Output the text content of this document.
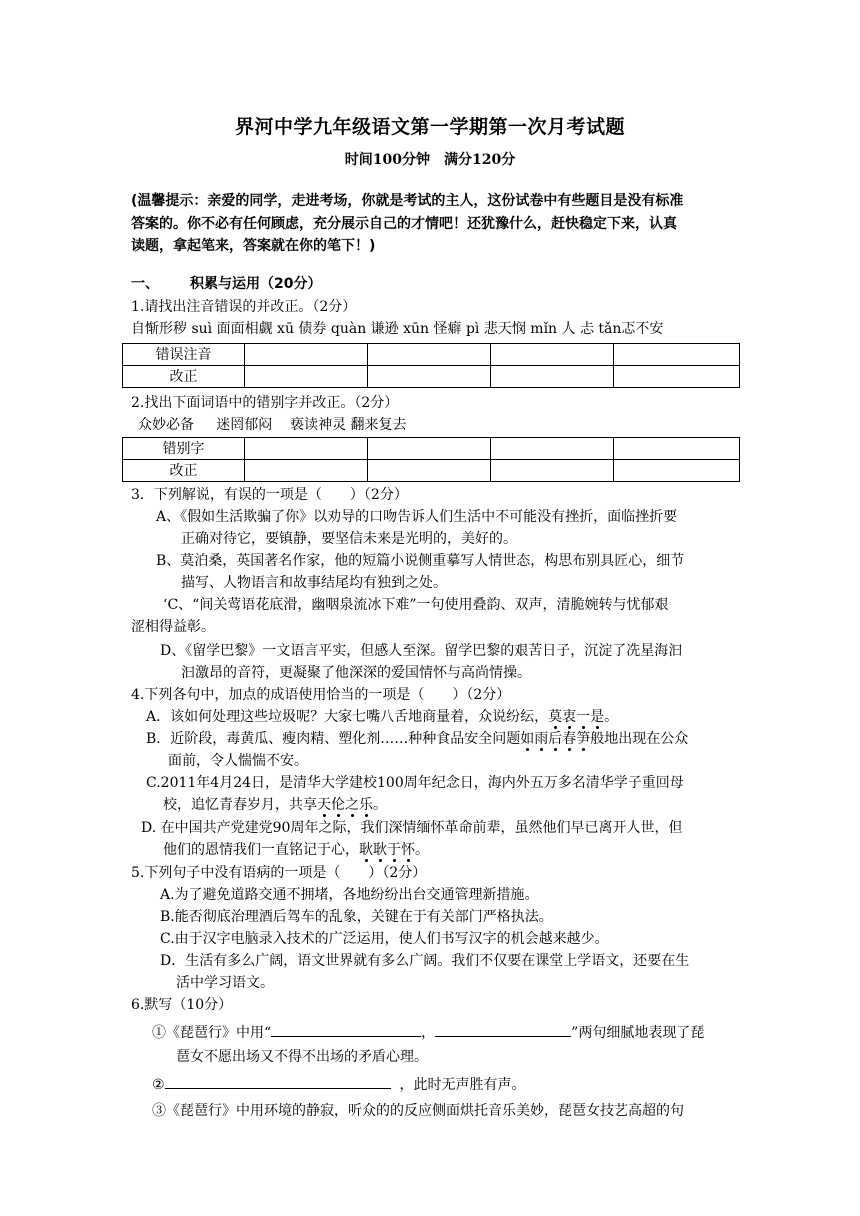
界河中学九年级语文第一学期第一次月考试题
时间100分钟　满分120分
(温馨提示：亲爱的同学，走进考场，你就是考试的主人，这份试卷中有些题目是没有标准
答案的。你不必有任何顾虑，充分展示自己的才情吧！还犹豫什么，赶快稳定下来，认真
读题，拿起笔来，答案就在你的笔下！)
一、 积累与运用（20分）
1.请找出注音错误的并改正。（2分）
自惭形秽 suì 面面相觑 xū 债券 quàn 谦逊 xūn 怪癖 pì 悲天悯 mǐn 人 忐 tǎn忑不安
错误注音				
改正				
2.找出下面词语中的错别字并改正。（2分）
众妙必备 迷罔郁闷 亵读神灵 翻来复去
错别字				
改正				
3．下列解说，有误的一项是（　　）（2分）
A、《假如生活欺骗了你》以劝导的口吻告诉人们生活中不可能没有挫折，面临挫折要
正确对待它，要镇静，要坚信未来是光明的，美好的。
B、莫泊桑，英国著名作家，他的短篇小说侧重摹写人情世态，构思布别具匠心，细节
描写、人物语言和故事结尾均有独到之处。
‘C、“间关莺语花底滑，幽咽泉流冰下难”一句使用叠韵、双声，清脆婉转与忧郁艰
涩相得益彰。
D、《留学巴黎》一文语言平实，但感人至深。留学巴黎的艰苦日子，沉淀了冼星海汩
汩激昂的音符，更凝聚了他深深的爱国情怀与高尚情操。
4.下列各句中，加点的成语使用恰当的一项是（　　）（2分）
A．该如何处理这些垃圾呢？大家七嘴八舌地商量着，众说纷纭，莫衷一是。
B．近阶段，毒黄瓜、瘦肉精、塑化剂……种种食品安全问题如雨后春笋般地出现在公众
面前，令人惴惴不安。
C.2011年4月24日，是清华大学建校100周年纪念日，海内外五万多名清华学子重回母
校，追忆青春岁月，共享天伦之乐。
D. 在中国共产党建党90周年之际，我们深情缅怀革命前辈，虽然他们早已离开人世，但
他们的恩情我们一直铭记于心，耿耿于怀。
5.下列句子中没有语病的一项是（　　）（2分）
A.为了避免道路交通不拥堵，各地纷纷出台交通管理新措施。
B.能否彻底治理酒后驾车的乱象，关键在于有关部门严格执法。
C.由于汉字电脑录入技术的广泛运用，使人们书写汉字的机会越来越少。
D．生活有多么广阔，语文世界就有多么广阔。我们不仅要在课堂上学语文，还要在生
活中学习语文。
6.默写（10分）
①《琵琶行》中用“	，	”两句细腻地表现了琵
琶女不愿出场又不得不出场的矛盾心理。
②	，此时无声胜有声。
③《琵琶行》中用环境的静寂，听众的的反应侧面烘托音乐美妙，琵琶女技艺高超的句
